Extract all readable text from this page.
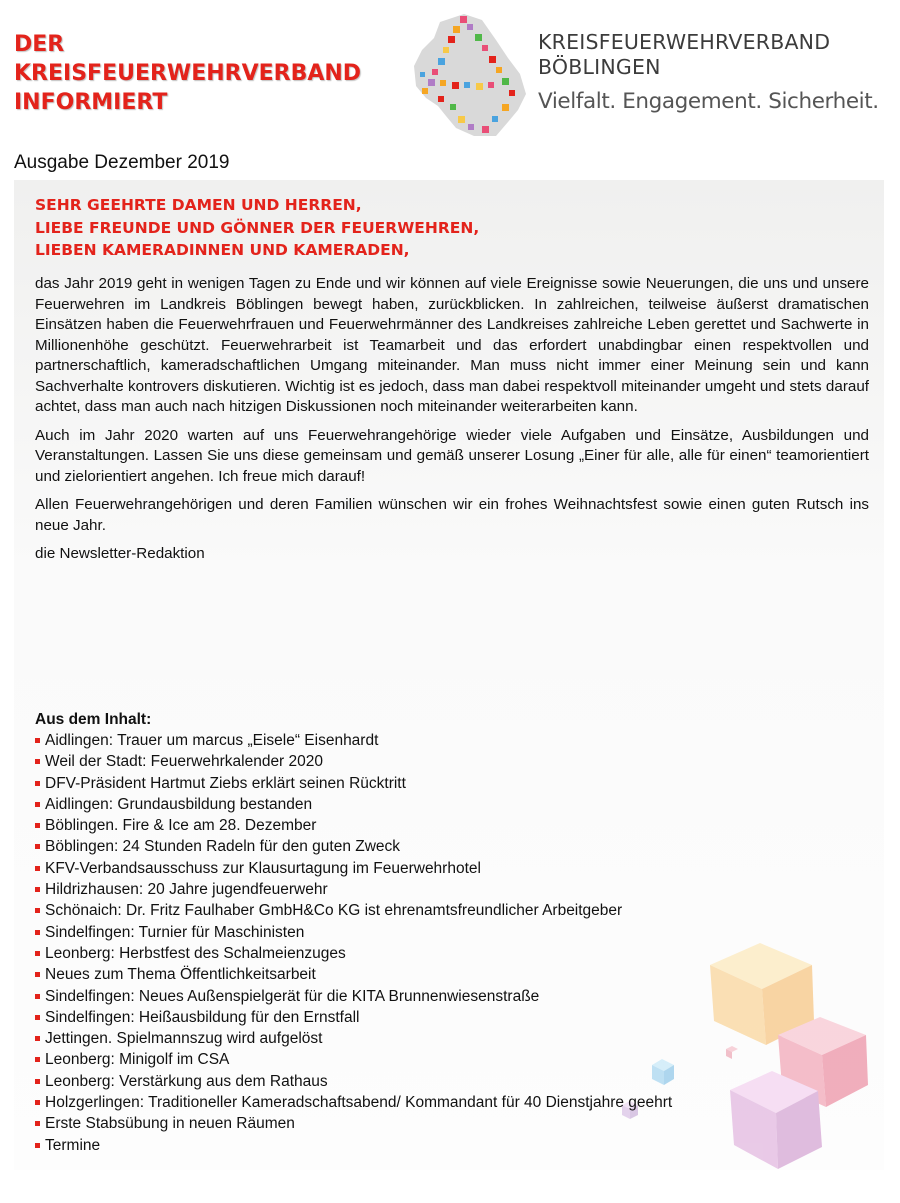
DER
KREISFEUERWEHRVERBAND
INFORMIERT
KREISFEUERWEHRVERBAND
BÖBLINGEN
Vielfalt. Engagement. Sicherheit.

Ausgabe Dezember 2019

SEHR GEEHRTE DAMEN UND HERREN,
LIEBE FREUNDE UND GÖNNER DER FEUERWEHREN,
LIEBEN KAMERADINNEN UND KAMERADEN,

das Jahr 2019 geht in wenigen Tagen zu Ende und wir können auf viele Ereignisse sowie Neuerungen, die uns und unsere Feuerwehren im Landkreis Böblingen bewegt haben, zurückblicken. In zahlreichen, teilweise äußerst dramatischen Einsätzen haben die Feuerwehrfrauen und Feuerwehrmänner des Landkreises zahlreiche Leben gerettet und Sachwerte in Millionenhöhe geschützt. Feuerwehrarbeit ist Teamarbeit und das erfordert unabdingbar einen respektvollen und partnerschaftlich, kameradschaftlichen Umgang miteinander. Man muss nicht immer einer Meinung sein und kann Sachverhalte kontrovers diskutieren. Wichtig ist es jedoch, dass man dabei respektvoll miteinander umgeht und stets darauf achtet, dass man auch nach hitzigen Diskussionen noch miteinander weiterarbeiten kann.

Auch im Jahr 2020 warten auf uns Feuerwehrangehörige wieder viele Aufgaben und Einsätze, Ausbildungen und Veranstaltungen. Lassen Sie uns diese gemeinsam und gemäß unserer Losung „Einer für alle, alle für einen“ teamorientiert und zielorientiert angehen. Ich freue mich darauf!

Allen Feuerwehrangehörigen und deren Familien wünschen wir ein frohes Weihnachtsfest sowie einen guten Rutsch ins neue Jahr.

die Newsletter-Redaktion

Aus dem Inhalt:

Aidlingen: Trauer um marcus „Eisele“ Eisenhardt
Weil der Stadt: Feuerwehrkalender 2020
DFV-Präsident Hartmut Ziebs erklärt seinen Rücktritt
Aidlingen: Grundausbildung bestanden
Böblingen. Fire & Ice am 28. Dezember
Böblingen: 24 Stunden Radeln für den guten Zweck
KFV-Verbandsausschuss zur Klausurtagung im Feuerwehrhotel
Hildrizhausen: 20 Jahre jugendfeuerwehr
Schönaich: Dr. Fritz Faulhaber GmbH&Co KG ist ehrenamtsfreundlicher Arbeitgeber
Sindelfingen: Turnier für Maschinisten
Leonberg: Herbstfest des Schalmeienzuges
Neues zum Thema Öffentlichkeitsarbeit
Sindelfingen: Neues Außenspielgerät für die KITA Brunnenwiesenstraße
Sindelfingen: Heißausbildung für den Ernstfall
Jettingen. Spielmannszug wird aufgelöst
Leonberg: Minigolf im CSA
Leonberg: Verstärkung aus dem Rathaus
Holzgerlingen: Traditioneller Kameradschaftsabend/ Kommandant für 40 Dienstjahre geehrt
Erste Stabsübung in neuen Räumen
Termine
